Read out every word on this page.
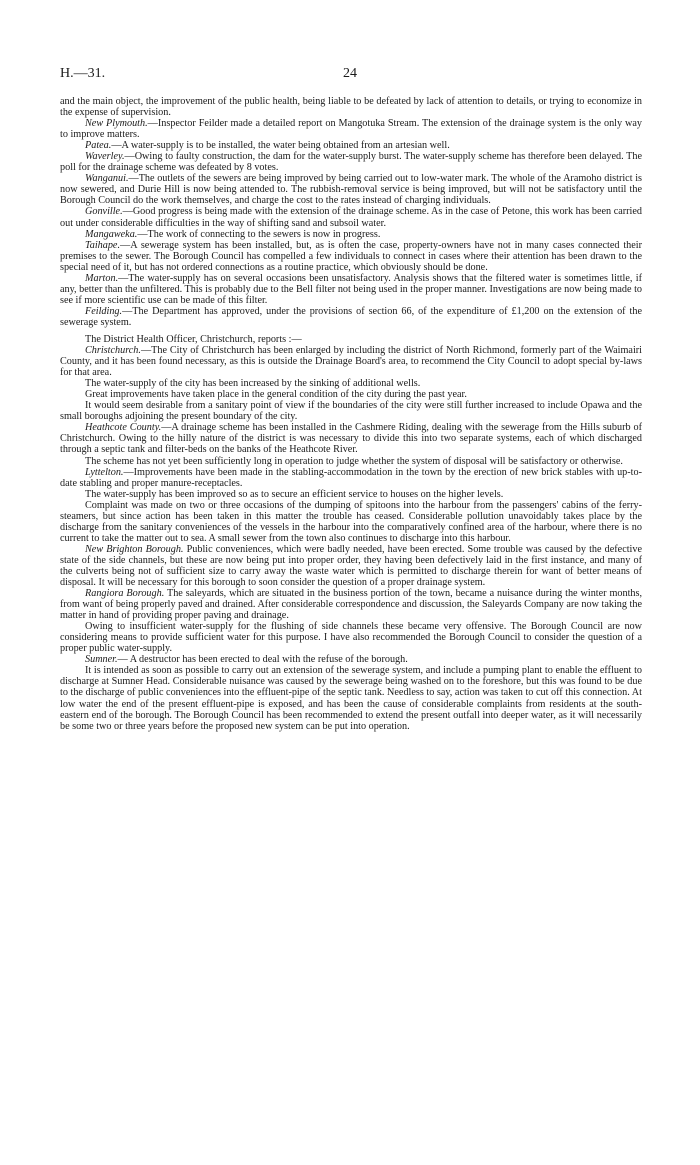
H.—31.	24

and the main object, the improvement of the public health, being liable to be defeated by lack of attention to details, or trying to economize in the expense of supervision.

New Plymouth.—Inspector Feilder made a detailed report on Mangotuka Stream. The extension of the drainage system is the only way to improve matters.

Patea.—A water-supply is to be installed, the water being obtained from an artesian well.

Waverley.—Owing to faulty construction, the dam for the water-supply burst. The water-supply scheme has therefore been delayed. The poll for the drainage scheme was defeated by 8 votes.

Wanganui.—The outlets of the sewers are being improved by being carried out to low-water mark. The whole of the Aramoho district is now sewered, and Durie Hill is now being attended to. The rubbish-removal service is being improved, but will not be satisfactory until the Borough Council do the work themselves, and charge the cost to the rates instead of charging individuals.

Gonville.—Good progress is being made with the extension of the drainage scheme. As in the case of Petone, this work has been carried out under considerable difficulties in the way of shifting sand and subsoil water.

Mangaweka.—The work of connecting to the sewers is now in progress.

Taihape.—A sewerage system has been installed, but, as is often the case, property-owners have not in many cases connected their premises to the sewer. The Borough Council has compelled a few individuals to connect in cases where their attention has been drawn to the special need of it, but has not ordered connections as a routine practice, which obviously should be done.

Marton.—The water-supply has on several occasions been unsatisfactory. Analysis shows that the filtered water is sometimes little, if any, better than the unfiltered. This is probably due to the Bell filter not being used in the proper manner. Investigations are now being made to see if more scientific use can be made of this filter.

Feilding.—The Department has approved, under the provisions of section 66, of the expenditure of £1,200 on the extension of the sewerage system.

The District Health Officer, Christchurch, reports :—

Christchurch.—The City of Christchurch has been enlarged by including the district of North Richmond, formerly part of the Waimairi County, and it has been found necessary, as this is outside the Drainage Board's area, to recommend the City Council to adopt special by-laws for that area.

The water-supply of the city has been increased by the sinking of additional wells.

Great improvements have taken place in the general condition of the city during the past year.

It would seem desirable from a sanitary point of view if the boundaries of the city were still further increased to include Opawa and the small boroughs adjoining the present boundary of the city.

Heathcote County.—A drainage scheme has been installed in the Cashmere Riding, dealing with the sewerage from the Hills suburb of Christchurch. Owing to the hilly nature of the district is was necessary to divide this into two separate systems, each of which discharged through a septic tank and filter-beds on the banks of the Heathcote River.

The scheme has not yet been sufficiently long in operation to judge whether the system of disposal will be satisfactory or otherwise.

Lyttelton.—Improvements have been made in the stabling-accommodation in the town by the erection of new brick stables with up-to-date stabling and proper manure-receptacles.

The water-supply has been improved so as to secure an efficient service to houses on the higher levels.

Complaint was made on two or three occasions of the dumping of spitoons into the harbour from the passengers' cabins of the ferry-steamers, but since action has been taken in this matter the trouble has ceased. Considerable pollution unavoidably takes place by the discharge from the sanitary conveniences of the vessels in the harbour into the comparatively confined area of the harbour, where there is no current to take the matter out to sea. A small sewer from the town also continues to discharge into this harbour.

New Brighton Borough. Public conveniences, which were badly needed, have been erected. Some trouble was caused by the defective state of the side channels, but these are now being put into proper order, they having been defectively laid in the first instance, and many of the culverts being not of sufficient size to carry away the waste water which is permitted to discharge therein for want of better means of disposal. It will be necessary for this borough to soon consider the question of a proper drainage system.

Rangiora Borough. The saleyards, which are situated in the business portion of the town, became a nuisance during the winter months, from want of being properly paved and drained. After considerable correspondence and discussion, the Saleyards Company are now taking the matter in hand of providing proper paving and drainage.

Owing to insufficient water-supply for the flushing of side channels these became very offensive. The Borough Council are now considering means to provide sufficient water for this purpose. I have also recommended the Borough Council to consider the question of a proper public water-supply.

Sumner.— A destructor has been erected to deal with the refuse of the borough.

It is intended as soon as possible to carry out an extension of the sewerage system, and include a pumping plant to enable the effluent to discharge at Sumner Head. Considerable nuisance was caused by the sewerage being washed on to the foreshore, but this was found to be due to the discharge of public conveniences into the effluent-pipe of the septic tank. Needless to say, action was taken to cut off this connection. At low water the end of the present effluent-pipe is exposed, and has been the cause of considerable complaints from residents at the south-eastern end of the borough. The Borough Council has been recommended to extend the present outfall into deeper water, as it will necessarily be some two or three years before the proposed new system can be put into operation.
